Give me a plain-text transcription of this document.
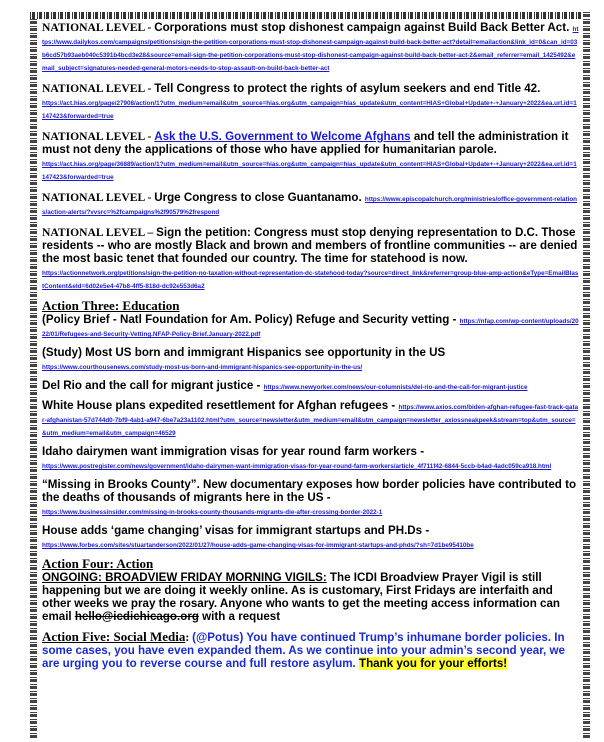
NATIONAL LEVEL - Corporations must stop dishonest campaign against Build Back Better Act. https://www.dailykos.com/campaigns/petitions/sign-the-petition-corporations-must-stop-dishonest-campaign-against-build-back-better-act?detail=emailaction&link_id=0&can_id=03b6cd57b93aeb040c5391b4bcd3e28&source=email-sign-the-petition-corporations-must-stop-dishonest-campaign-against-build-back-better-act-2&email_referrer=email_1425492&email_subject=signatures-needed-general-motors-needs-to-stop-assault-on-build-back-better-act
NATIONAL LEVEL - Tell Congress to protect the rights of asylum seekers and end Title 42.
https://act.hias.org/page/27908/action/1?utm_medium=email&utm_source=hias.org&utm_campaign=hias_update&utm_content=HIAS+Global+Update+-+January+2022&ea.url.id=1147423&forwarded=true
NATIONAL LEVEL - Ask the U.S. Government to Welcome Afghans and tell the administration it must not deny the applications of those who have applied for humanitarian parole.
https://act.hias.org/page/36889/action/1?utm_medium=email&utm_source=hias.org&utm_campaign=hias_update&utm_content=HIAS+Global+Update+-+January+2022&ea.url.id=1147423&forwarded=true
NATIONAL LEVEL - Urge Congress to close Guantanamo. https://www.episcopalchurch.org/ministries/office-government-relations/action-alerts/?vvsrc=%2fcampaigns%2f90579%2frespond
NATIONAL LEVEL – Sign the petition: Congress must stop denying representation to D.C. Those residents -- who are mostly Black and brown and members of frontline communities -- are denied the most basic tenet that founded our country. The time for statehood is now.
https://actionnetwork.org/petitions/sign-the-petition-no-taxation-without-representation-dc-statehood-today?source=direct_link&referrer=group-blue-amp-action&eType=EmailBlastContent&eId=6d02e5e4-47b8-4ff5-818d-dc92e553d6a2
Action Three: Education
(Policy Brief - Natl Foundation for Am. Policy) Refuge and Security vetting - https://nfap.com/wp-content/uploads/2022/01/Refugees-and-Security-Vetting.NFAP-Policy-Brief.January-2022.pdf
(Study) Most US born and immigrant Hispanics see opportunity in the US
https://www.courthousenews.com/study-most-us-born-and-immigrant-hispanics-see-opportunity-in-the-us/
Del Rio and the call for migrant justice - https://www.newyorker.com/news/our-columnists/del-rio-and-the-call-for-migrant-justice
White House plans expedited resettlement for Afghan refugees - https://www.axios.com/biden-afghan-refugee-fast-track-qatar-afghanistan-57d744d0-7bf9-4ab1-a947-6be7a23a1102.html?utm_source=newsletter&utm_medium=email&utm_campaign=newsletter_axiossneakpeek&stream=top&utm_source=&utm_medium=email&utm_campaign=46529
Idaho dairymen want immigration visas for year round farm workers -
https://www.postregister.com/news/government/idaho-dairymen-want-immigration-visas-for-year-round-farm-workers/article_4f711f42-6844-5ccb-b4ad-4adc059ca918.html
“Missing in Brooks County”. New documentary exposes how border policies have contributed to the deaths of thousands of migrants here in the US -
https://www.businessinsider.com/missing-in-brooks-county-thousands-migrants-die-after-crossing-border-2022-1
House adds ‘game changing’ visas for immigrant startups and PH.Ds -
https://www.forbes.com/sites/stuartanderson/2022/01/27/house-adds-game-changing-visas-for-immigrant-startups-and-phds/?sh=7d1be95410be
Action Four: Action
ONGOING: BROADVIEW FRIDAY MORNING VIGILS: The ICDI Broadview Prayer Vigil is still happening but we are doing it weekly online. As is customary, First Fridays are interfaith and other weeks we pray the rosary. Anyone who wants to get the meeting access information can email hello@icdichicago.org with a request
Action Five: Social Media: (@Potus) You have continued Trump’s inhumane border policies. In some cases, you have even expanded them. As we continue into your admin’s second year, we are urging you to reverse course and full restore asylum. Thank you for your efforts!
